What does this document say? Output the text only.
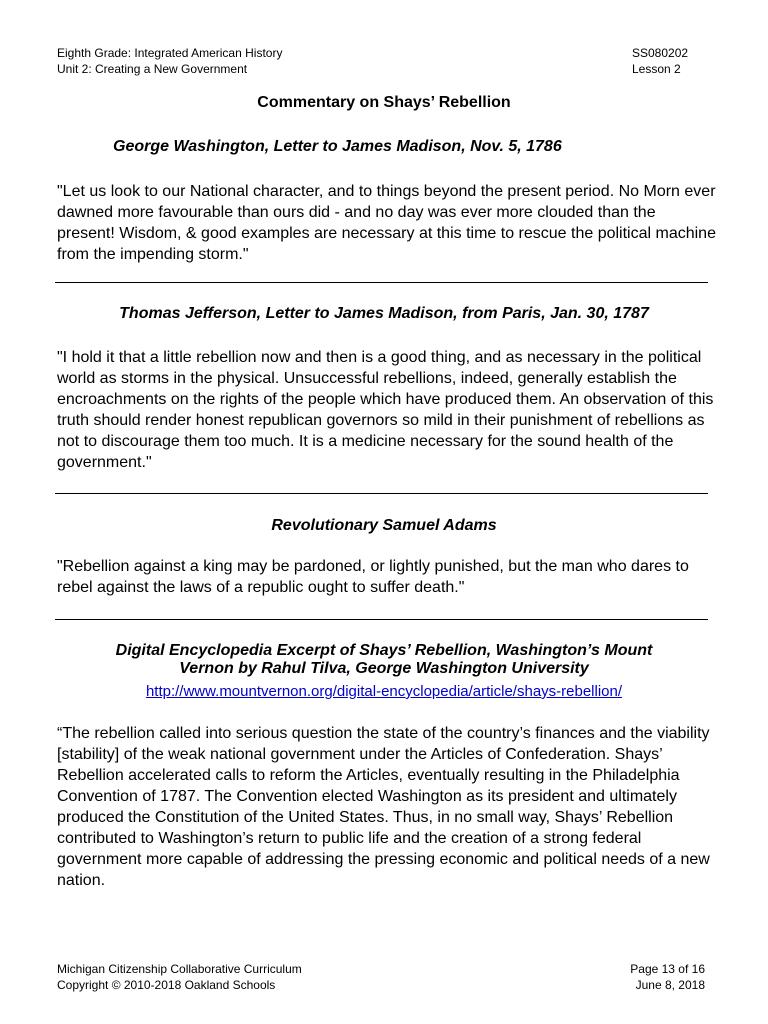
Eighth Grade: Integrated American History
Unit 2: Creating a New Government
SS080202
Lesson 2
Commentary on Shays’ Rebellion
George Washington, Letter to James Madison, Nov. 5, 1786
"Let us look to our National character, and to things beyond the present period. No Morn ever dawned more favourable than ours did - and no day was ever more clouded than the present! Wisdom, & good examples are necessary at this time to rescue the political machine from the impending storm."
Thomas Jefferson, Letter to James Madison, from Paris, Jan. 30, 1787
"I hold it that a little rebellion now and then is a good thing, and as necessary in the political world as storms in the physical. Unsuccessful rebellions, indeed, generally establish the encroachments on the rights of the people which have produced them. An observation of this truth should render honest republican governors so mild in their punishment of rebellions as not to discourage them too much. It is a medicine necessary for the sound health of the government."
Revolutionary Samuel Adams
"Rebellion against a king may be pardoned, or lightly punished, but the man who dares to rebel against the laws of a republic ought to suffer death."
Digital Encyclopedia Excerpt of Shays’ Rebellion, Washington’s Mount
Vernon by Rahul Tilva, George Washington University
http://www.mountvernon.org/digital-encyclopedia/article/shays-rebellion/
“The rebellion called into serious question the state of the country’s finances and the viability [stability] of the weak national government under the Articles of Confederation. Shays’ Rebellion accelerated calls to reform the Articles, eventually resulting in the Philadelphia Convention of 1787. The Convention elected Washington as its president and ultimately produced the Constitution of the United States. Thus, in no small way, Shays’ Rebellion contributed to Washington’s return to public life and the creation of a strong federal government more capable of addressing the pressing economic and political needs of a new nation.
Michigan Citizenship Collaborative Curriculum
Copyright © 2010-2018 Oakland Schools
Page 13 of 16
June 8, 2018
